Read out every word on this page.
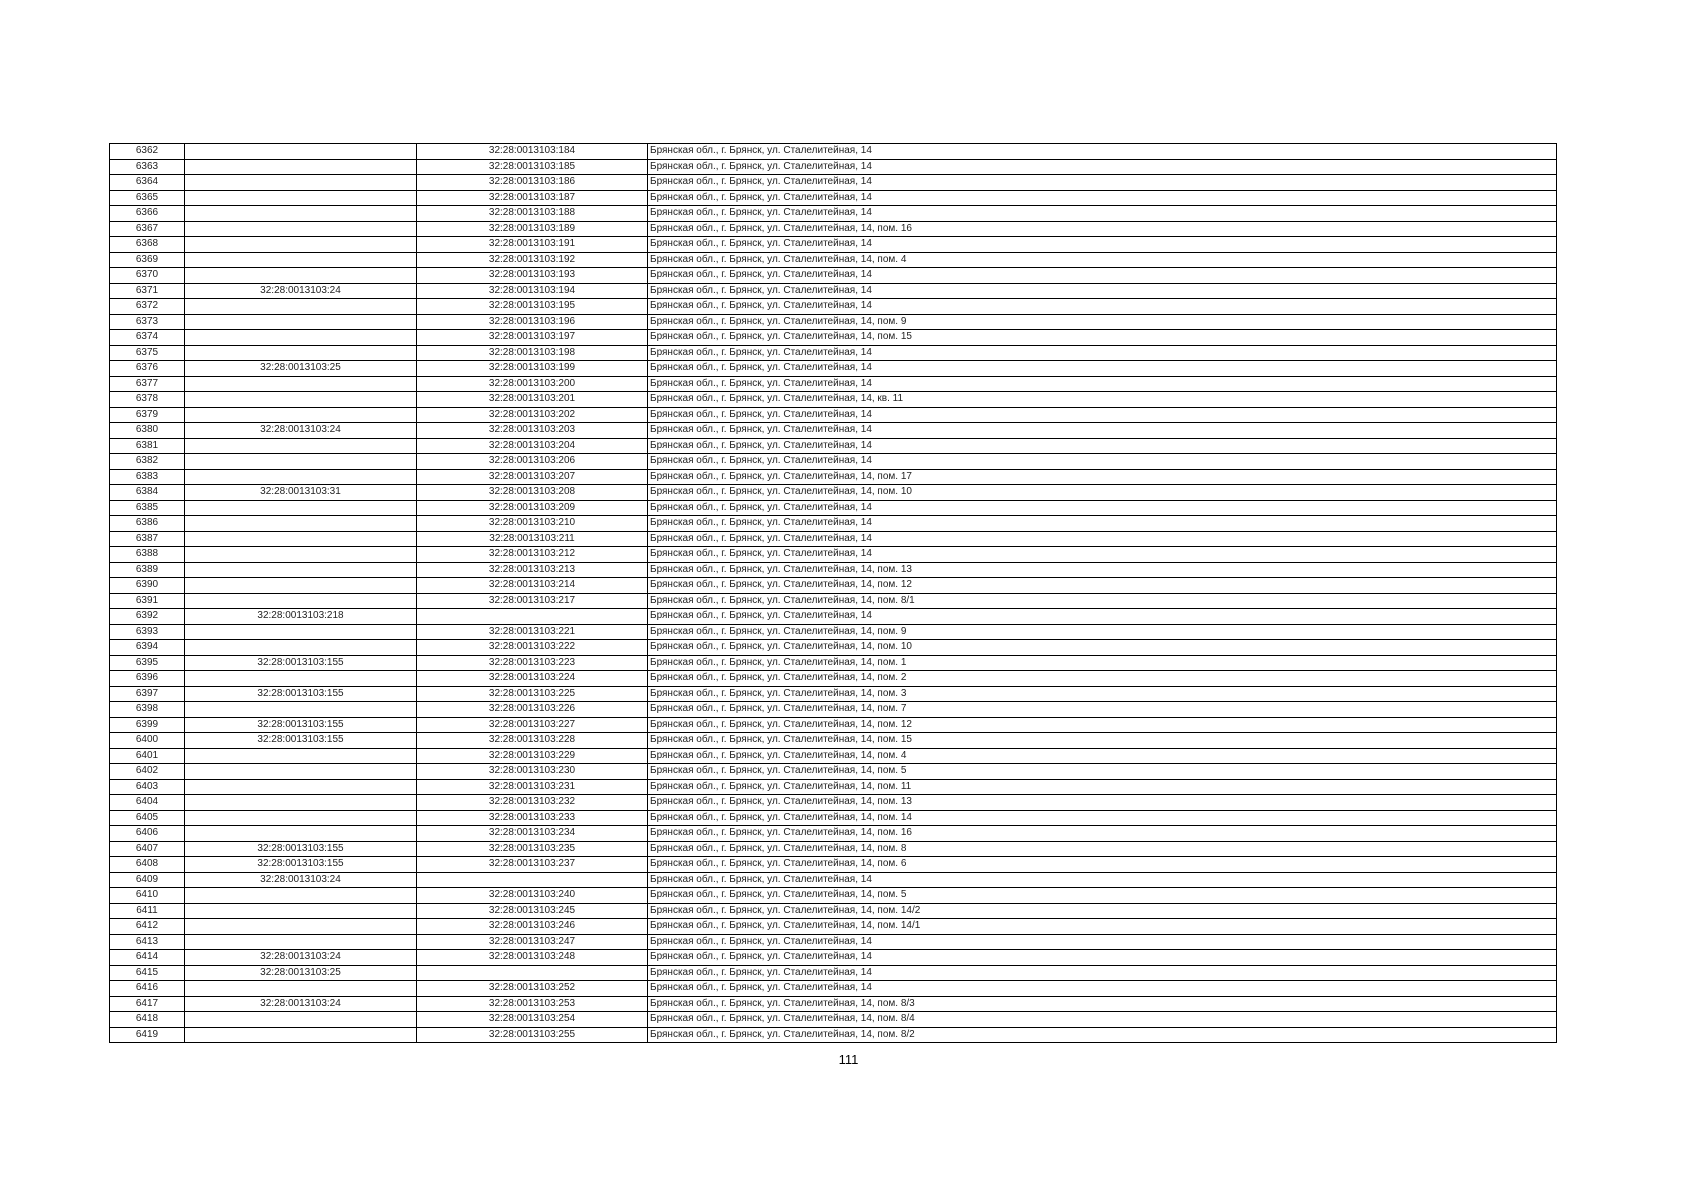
6362		32:28:0013103:184	Брянская обл., г. Брянск, ул. Сталелитейная, 14
6363		32:28:0013103:185	Брянская обл., г. Брянск, ул. Сталелитейная, 14
6364		32:28:0013103:186	Брянская обл., г. Брянск, ул. Сталелитейная, 14
6365		32:28:0013103:187	Брянская обл., г. Брянск, ул. Сталелитейная, 14
6366		32:28:0013103:188	Брянская обл., г. Брянск, ул. Сталелитейная, 14
6367		32:28:0013103:189	Брянская обл., г. Брянск, ул. Сталелитейная, 14, пом. 16
6368		32:28:0013103:191	Брянская обл., г. Брянск, ул. Сталелитейная, 14
6369		32:28:0013103:192	Брянская обл., г. Брянск, ул. Сталелитейная, 14, пом. 4
6370		32:28:0013103:193	Брянская обл., г. Брянск, ул. Сталелитейная, 14
6371	32:28:0013103:24	32:28:0013103:194	Брянская обл., г. Брянск, ул. Сталелитейная, 14
6372		32:28:0013103:195	Брянская обл., г. Брянск, ул. Сталелитейная, 14
6373		32:28:0013103:196	Брянская обл., г. Брянск, ул. Сталелитейная, 14, пом. 9
6374		32:28:0013103:197	Брянская обл., г. Брянск, ул. Сталелитейная, 14, пом. 15
6375		32:28:0013103:198	Брянская обл., г. Брянск, ул. Сталелитейная, 14
6376	32:28:0013103:25	32:28:0013103:199	Брянская обл., г. Брянск, ул. Сталелитейная, 14
6377		32:28:0013103:200	Брянская обл., г. Брянск, ул. Сталелитейная, 14
6378		32:28:0013103:201	Брянская обл., г. Брянск, ул. Сталелитейная, 14, кв. 11
6379		32:28:0013103:202	Брянская обл., г. Брянск, ул. Сталелитейная, 14
6380	32:28:0013103:24	32:28:0013103:203	Брянская обл., г. Брянск, ул. Сталелитейная, 14
6381		32:28:0013103:204	Брянская обл., г. Брянск, ул. Сталелитейная, 14
6382		32:28:0013103:206	Брянская обл., г. Брянск, ул. Сталелитейная, 14
6383		32:28:0013103:207	Брянская обл., г. Брянск, ул. Сталелитейная, 14, пом. 17
6384	32:28:0013103:31	32:28:0013103:208	Брянская обл., г. Брянск, ул. Сталелитейная, 14, пом. 10
6385		32:28:0013103:209	Брянская обл., г. Брянск, ул. Сталелитейная, 14
6386		32:28:0013103:210	Брянская обл., г. Брянск, ул. Сталелитейная, 14
6387		32:28:0013103:211	Брянская обл., г. Брянск, ул. Сталелитейная, 14
6388		32:28:0013103:212	Брянская обл., г. Брянск, ул. Сталелитейная, 14
6389		32:28:0013103:213	Брянская обл., г. Брянск, ул. Сталелитейная, 14, пом. 13
6390		32:28:0013103:214	Брянская обл., г. Брянск, ул. Сталелитейная, 14, пом. 12
6391		32:28:0013103:217	Брянская обл., г. Брянск, ул. Сталелитейная, 14, пом. 8/1
6392	32:28:0013103:218		Брянская обл., г. Брянск, ул. Сталелитейная, 14
6393		32:28:0013103:221	Брянская обл., г. Брянск, ул. Сталелитейная, 14, пом. 9
6394		32:28:0013103:222	Брянская обл., г. Брянск, ул. Сталелитейная, 14, пом. 10
6395	32:28:0013103:155	32:28:0013103:223	Брянская обл., г. Брянск, ул. Сталелитейная, 14, пом. 1
6396		32:28:0013103:224	Брянская обл., г. Брянск, ул. Сталелитейная, 14, пом. 2
6397	32:28:0013103:155	32:28:0013103:225	Брянская обл., г. Брянск, ул. Сталелитейная, 14, пом. 3
6398		32:28:0013103:226	Брянская обл., г. Брянск, ул. Сталелитейная, 14, пом. 7
6399	32:28:0013103:155	32:28:0013103:227	Брянская обл., г. Брянск, ул. Сталелитейная, 14, пом. 12
6400	32:28:0013103:155	32:28:0013103:228	Брянская обл., г. Брянск, ул. Сталелитейная, 14, пом. 15
6401		32:28:0013103:229	Брянская обл., г. Брянск, ул. Сталелитейная, 14, пом. 4
6402		32:28:0013103:230	Брянская обл., г. Брянск, ул. Сталелитейная, 14, пом. 5
6403		32:28:0013103:231	Брянская обл., г. Брянск, ул. Сталелитейная, 14, пом. 11
6404		32:28:0013103:232	Брянская обл., г. Брянск, ул. Сталелитейная, 14, пом. 13
6405		32:28:0013103:233	Брянская обл., г. Брянск, ул. Сталелитейная, 14, пом. 14
6406		32:28:0013103:234	Брянская обл., г. Брянск, ул. Сталелитейная, 14, пом. 16
6407	32:28:0013103:155	32:28:0013103:235	Брянская обл., г. Брянск, ул. Сталелитейная, 14, пом. 8
6408	32:28:0013103:155	32:28:0013103:237	Брянская обл., г. Брянск, ул. Сталелитейная, 14, пом. 6
6409	32:28:0013103:24		Брянская обл., г. Брянск, ул. Сталелитейная, 14
6410		32:28:0013103:240	Брянская обл., г. Брянск, ул. Сталелитейная, 14, пом. 5
6411		32:28:0013103:245	Брянская обл., г. Брянск, ул. Сталелитейная, 14, пом. 14/2
6412		32:28:0013103:246	Брянская обл., г. Брянск, ул. Сталелитейная, 14, пом. 14/1
6413		32:28:0013103:247	Брянская обл., г. Брянск, ул. Сталелитейная, 14
6414	32:28:0013103:24	32:28:0013103:248	Брянская обл., г. Брянск, ул. Сталелитейная, 14
6415	32:28:0013103:25		Брянская обл., г. Брянск, ул. Сталелитейная, 14
6416		32:28:0013103:252	Брянская обл., г. Брянск, ул. Сталелитейная, 14
6417	32:28:0013103:24	32:28:0013103:253	Брянская обл., г. Брянск, ул. Сталелитейная, 14, пом. 8/3
6418		32:28:0013103:254	Брянская обл., г. Брянск, ул. Сталелитейная, 14, пом. 8/4
6419		32:28:0013103:255	Брянская обл., г. Брянск, ул. Сталелитейная, 14, пом. 8/2
111
